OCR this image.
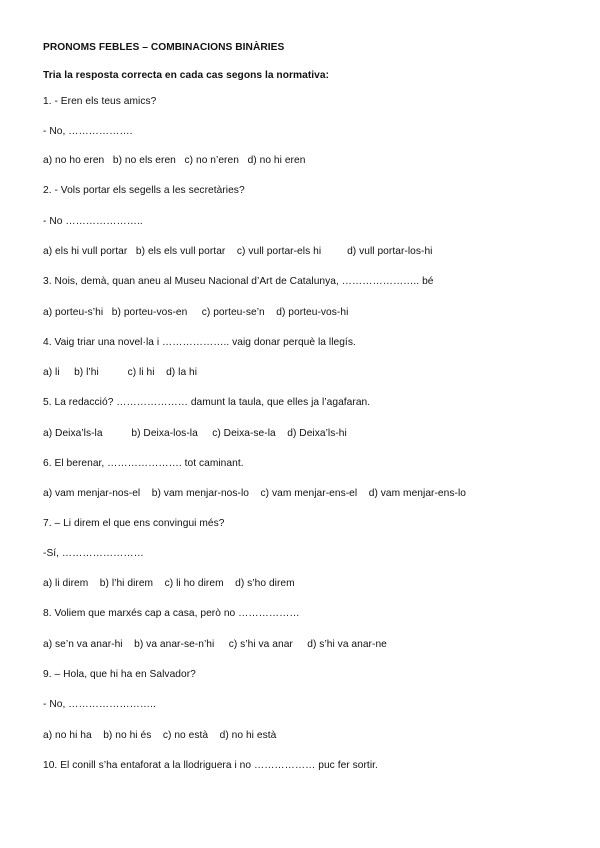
PRONOMS FEBLES – COMBINACIONS BINÀRIES
Tria la resposta correcta en cada cas segons la normativa:
1. - Eren els teus amics?
- No, ……………….
a) no ho eren   b) no els eren   c) no n’eren   d) no hi eren
2. - Vols portar els segells a les secretàries?
- No …………………..
a) els hi vull portar   b) els els vull portar    c) vull portar-els hi         d) vull portar-los-hi
3. Nois, demà, quan aneu al Museu Nacional d’Art de Catalunya, ………………….. bé
a) porteu-s’hi   b) porteu-vos-en     c) porteu-se’n    d) porteu-vos-hi
4. Vaig triar una novel·la i ……………….. vaig donar perquè la llegís.
a) li     b) l’hi          c) li hi    d) la hi
5. La redacció? ………………… damunt la taula, que elles ja l’agafaran.
a) Deixa’ls-la          b) Deixa-los-la     c) Deixa-se-la    d) Deixa’ls-hi
6. El berenar, …………………. tot caminant.
a) vam menjar-nos-el    b) vam menjar-nos-lo    c) vam menjar-ens-el    d) vam menjar-ens-lo
7. – Li direm el que ens convingui més?
-Sí, ……………………
a) li direm    b) l’hi direm    c) li ho direm    d) s’ho direm
8. Voliem que marxés cap a casa, però no ………………
a) se’n va anar-hi    b) va anar-se-n’hi     c) s’hi va anar     d) s’hi va anar-ne
9. – Hola, que hi ha en Salvador?
- No, ……………………..
a) no hi ha    b) no hi és    c) no està    d) no hi està
10. El conill s’ha entaforat a la llodriguera i no ……………… puc fer sortir.
